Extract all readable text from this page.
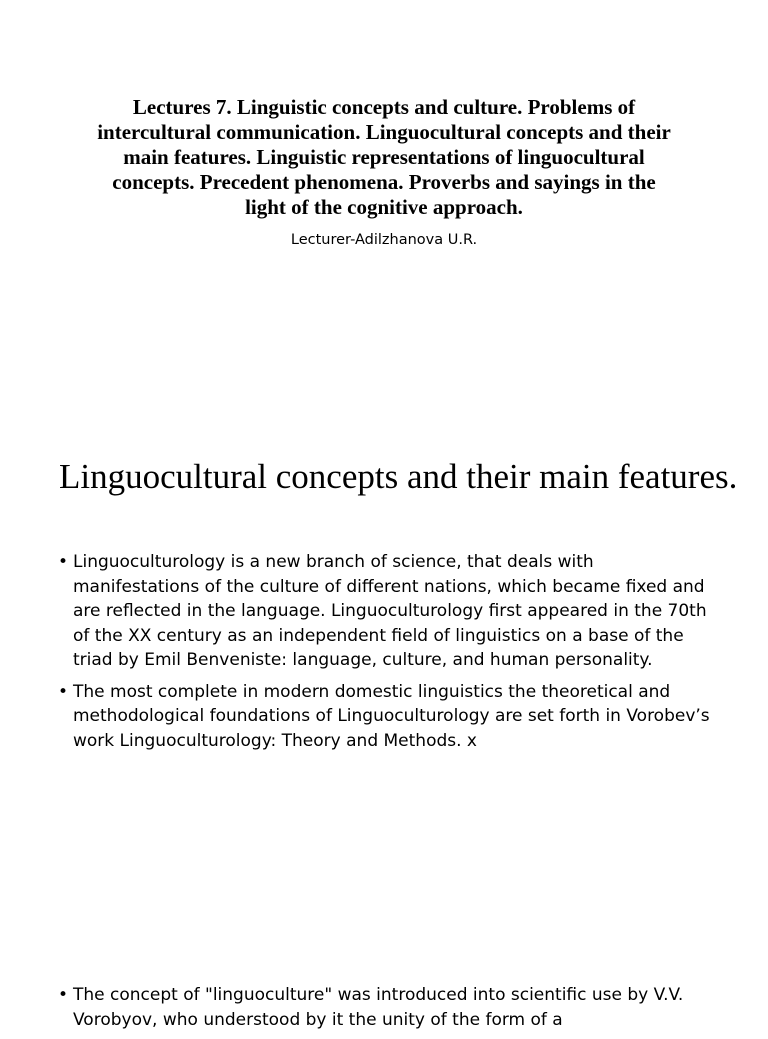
Lectures 7. Linguistic concepts and culture. Problems of intercultural communication. Linguocultural concepts and their main features. Linguistic representations of linguocultural concepts. Precedent phenomena. Proverbs and sayings in the light of the cognitive approach.

Lecturer-Adilzhanova U.R.

Linguocultural concepts and their main features.
• Linguoculturology is a new branch of science, that deals with manifestations of the culture of different nations, which became fixed and are reflected in the language. Linguoculturology first appeared in the 70th of the XX century as an independent field of linguistics on a base of the triad by Emil Benveniste: language, culture, and human personality.
• The most complete in modern domestic linguistics the theoretical and methodological foundations of Linguoculturology are set forth in Vorobev’s work Linguoculturology: Theory and Methods. x
• The concept of "linguoculture" was introduced into scientific use by V.V. Vorobyov, who understood by it the unity of the form of a
